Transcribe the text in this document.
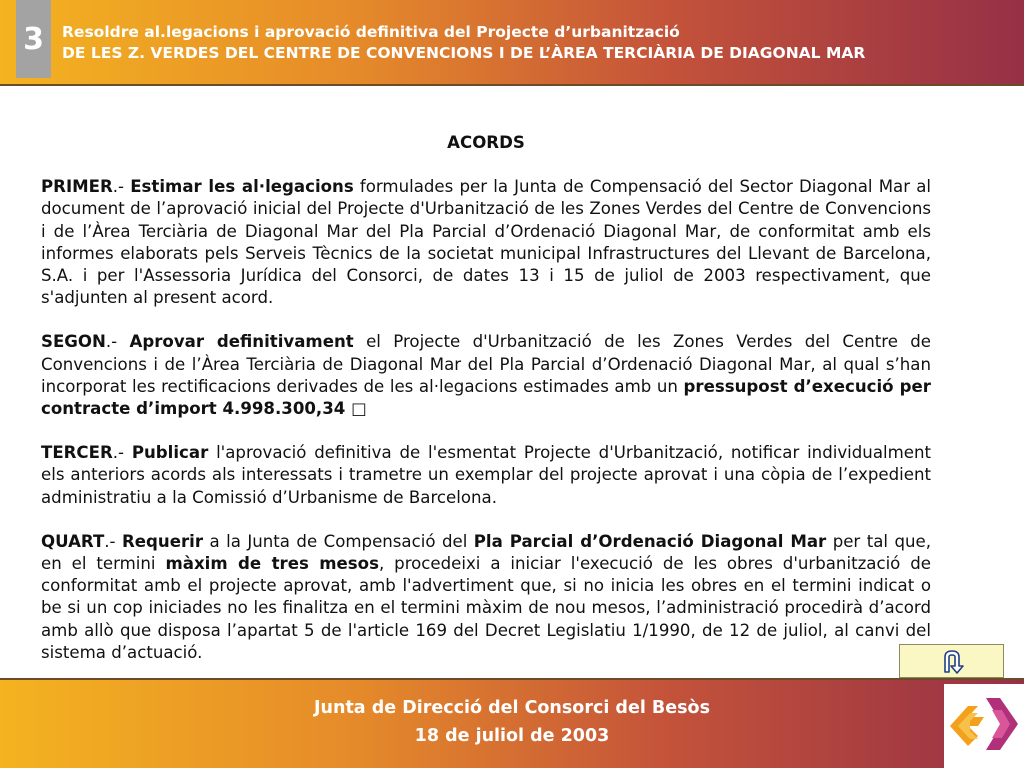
3	Resoldre al.legacions i aprovació definitiva del Projecte d’urbanització
DE LES Z. VERDES DEL CENTRE DE CONVENCIONS I DE L’ÀREA TERCIÀRIA DE DIAGONAL MAR
ACORDS
PRIMER.- Estimar les al·legacions formulades per la Junta de Compensació del Sector Diagonal Mar al document de l’aprovació inicial del Projecte d'Urbanització de les Zones Verdes del Centre de Convencions i de l’Àrea Terciària de Diagonal Mar del Pla Parcial d’Ordenació Diagonal Mar, de conformitat amb els informes elaborats pels Serveis Tècnics de la societat municipal Infrastructures del Llevant de Barcelona, S.A. i per l'Assessoria Jurídica del Consorci, de dates 13 i 15 de juliol de 2003 respectivament, que s'adjunten al present acord.
SEGON.- Aprovar definitivament el Projecte d'Urbanització de les Zones Verdes del Centre de Convencions i de l’Àrea Terciària de Diagonal Mar del Pla Parcial d’Ordenació Diagonal Mar, al qual s’han incorporat les rectificacions derivades de les al·legacions estimades amb un pressupost d’execució per contracte d’import 4.998.300,34 □
TERCER.- Publicar l'aprovació definitiva de l'esmentat Projecte d'Urbanització, notificar individualment els anteriors acords als interessats i trametre un exemplar del projecte aprovat i una còpia de l’expedient administratiu a la Comissió d’Urbanisme de Barcelona.
QUART.- Requerir a la Junta de Compensació del Pla Parcial d’Ordenació Diagonal Mar per tal que, en el termini màxim de tres mesos, procedeixi a iniciar l'execució de les obres d'urbanització de conformitat amb el projecte aprovat, amb l'advertiment que, si no inicia les obres en el termini indicat o be si un cop iniciades no les finalitza en el termini màxim de nou mesos, l’administració procedirà d’acord amb allò que disposa l’apartat 5 de l'article 169 del Decret Legislatiu 1/1990, de 12 de juliol, al canvi del sistema d’actuació.
Junta de Direcció del Consorci del Besòs
18 de juliol de 2003
